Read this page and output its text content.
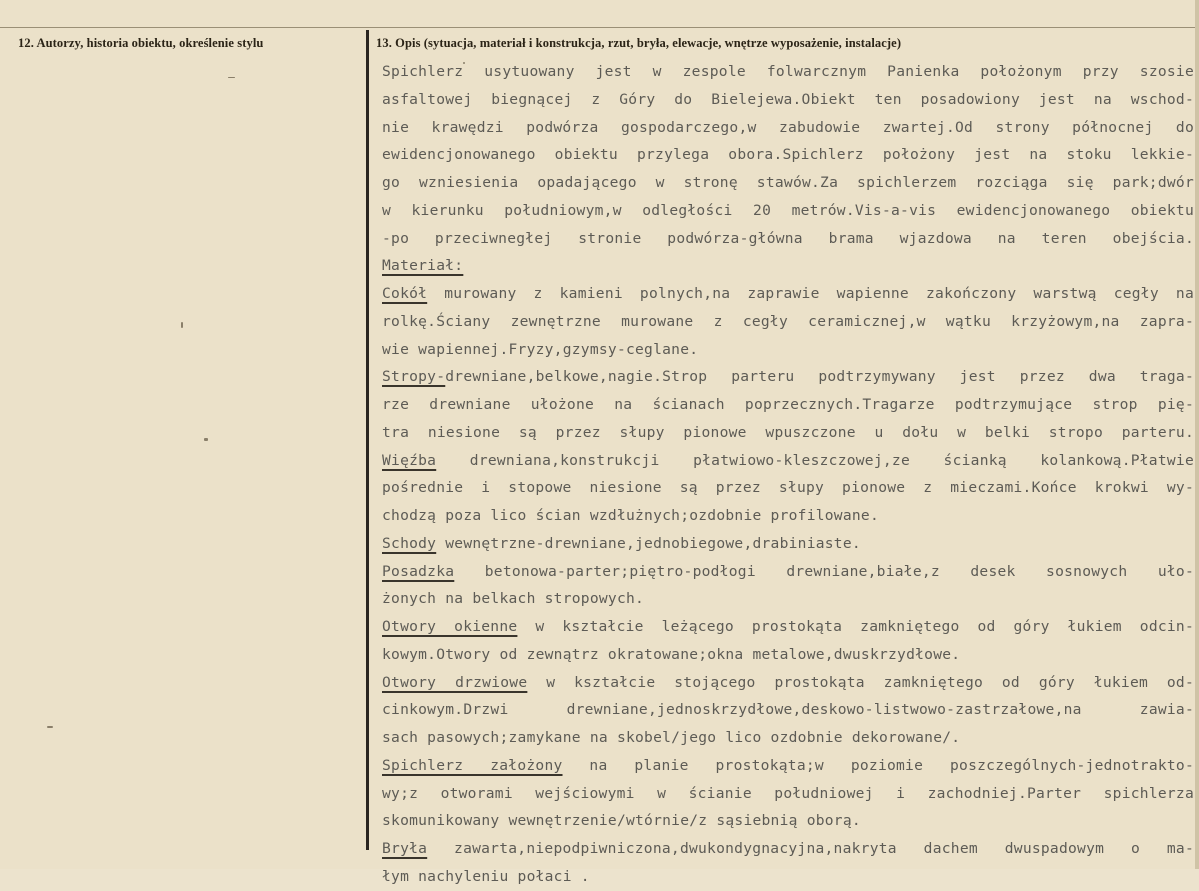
12. Autorzy, historia obiektu, określenie stylu	13. Opis (sytuacja, materiał i konstrukcja, rzut, bryła, elewacje, wnętrze wyposażenie, instalacje)
Spichlerz usytuowany jest w zespole folwarcznym Panienka położonym przy szosie
asfaltowej biegnącej z Góry do Bielejewa.Obiekt ten posadowiony jest na wschod-
nie krawędzi podwórza gospodarczego,w zabudowie zwartej.Od strony północnej do
ewidencjonowanego obiektu przylega obora.Spichlerz położony jest na stoku lekkie-
go wzniesienia opadającego w stronę stawów.Za spichlerzem rozciąga się park;dwór
w kierunku południowym,w odległości 20 metrów.Vis-a-vis ewidencjonowanego obiektu
-po przeciwnegłej stronie podwórza-główna brama wjazdowa na teren obejścia.
Materiał:
Cokół murowany z kamieni polnych,na zaprawie wapienne zakończony warstwą cegły na
rolkę.Ściany zewnętrzne murowane z cegły ceramicznej,w wątku krzyżowym,na zapra-
wie wapiennej.Fryzy,gzymsy-ceglane.
Stropy-drewniane,belkowe,nagie.Strop parteru podtrzymywany jest przez dwa traga-
rze drewniane ułożone na ścianach poprzecznych.Tragarze podtrzymujące strop pię-
tra niesione są przez słupy pionowe wpuszczone u dołu w belki stropo parteru.
Więźba drewniana,konstrukcji płatwiowo-kleszczowej,ze ścianką kolankową.Płatwie
pośrednie i stopowe niesione są przez słupy pionowe z mieczami.Końce krokwi wy-
chodzą poza lico ścian wzdłużnych;ozdobnie profilowane.
Schody wewnętrzne-drewniane,jednobiegowe,drabiniaste.
Posadzka betonowa-parter;piętro-podłogi drewniane,białe,z desek sosnowych uło-
żonych na belkach stropowych.
Otwory okienne w kształcie leżącego prostokąta zamkniętego od góry łukiem odcin-
kowym.Otwory od zewnątrz okratowane;okna metalowe,dwuskrzydłowe.
Otwory drzwiowe w kształcie stojącego prostokąta zamkniętego od góry łukiem od-
cinkowym.Drzwi drewniane,jednoskrzydłowe,deskowo-listwowo-zastrzałowe,na zawia-
sach pasowych;zamykane na skobel/jego lico ozdobnie dekorowane/.
Spichlerz założony na planie prostokąta;w poziomie poszczególnych-jednotrakto-
wy;z otworami wejściowymi w ścianie południowej i zachodniej.Parter spichlerza
skomunikowany wewnętrzenie/wtórnie/z sąsiebnią oborą.
Bryła zawarta,niepodpiwniczona,dwukondygnacyjna,nakryta dachem dwuspadowym o ma-
łym nachyleniu połaci .
